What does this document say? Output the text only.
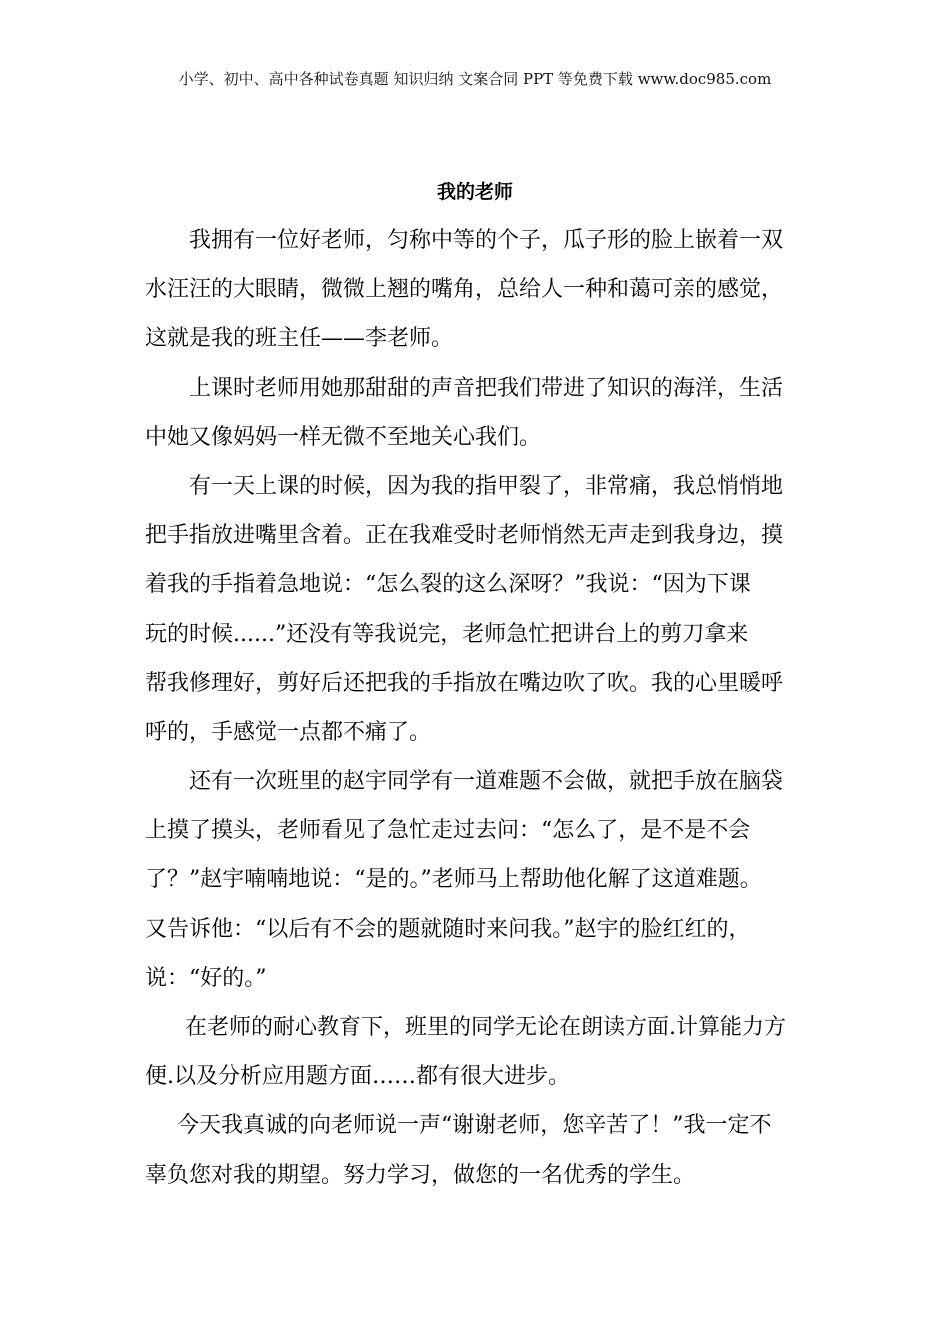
小学、初中、高中各种试卷真题 知识归纳 文案合同 PPT 等免费下载 www.doc985.com
我的老师
我拥有一位好老师，匀称中等的个子，瓜子形的脸上嵌着一双
水汪汪的大眼睛，微微上翘的嘴角，总给人一种和蔼可亲的感觉，
这就是我的班主任——李老师。
上课时老师用她那甜甜的声音把我们带进了知识的海洋，生活
中她又像妈妈一样无微不至地关心我们。
有一天上课的时候，因为我的指甲裂了，非常痛，我总悄悄地
把手指放进嘴里含着。正在我难受时老师悄然无声走到我身边，摸
着我的手指着急地说：“怎么裂的这么深呀？”我说：“因为下课
玩的时候......”还没有等我说完，老师急忙把讲台上的剪刀拿来
帮我修理好，剪好后还把我的手指放在嘴边吹了吹。我的心里暖呼
呼的，手感觉一点都不痛了。
还有一次班里的赵宇同学有一道难题不会做，就把手放在脑袋
上摸了摸头，老师看见了急忙走过去问：“怎么了，是不是不会
了？”赵宇喃喃地说：“是的。”老师马上帮助他化解了这道难题。
又告诉他：“以后有不会的题就随时来问我。”赵宇的脸红红的，
说：“好的。”
在老师的耐心教育下，班里的同学无论在朗读方面.计算能力方
便.以及分析应用题方面……都有很大进步。
今天我真诚的向老师说一声“谢谢老师，您辛苦了！”我一定不
辜负您对我的期望。努力学习，做您的一名优秀的学生。
